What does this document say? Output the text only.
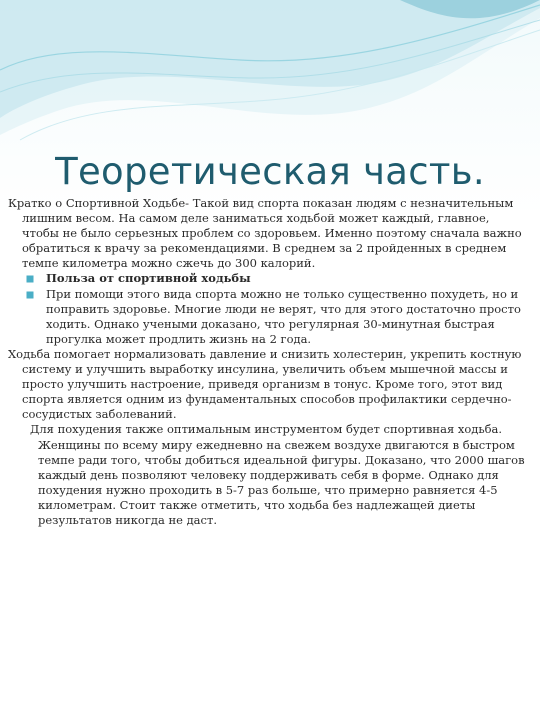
Теоретическая часть.

Кратко о Спортивной Ходьбе- Такой вид спорта показан людям с незначительным лишним весом. На самом деле заниматься ходьбой может каждый, главное, чтобы не было серьезных проблем со здоровьем. Именно поэтому сначала важно обратиться к врачу за рекомендациями. В среднем за 2 пройденных в среднем темпе километра можно сжечь до 300 калорий.

Польза от спортивной ходьбы

При помощи этого вида спорта можно не только существенно похудеть, но и поправить здоровье. Многие люди не верят, что для этого достаточно просто ходить. Однако учеными доказано, что регулярная 30-минутная быстрая прогулка может продлить жизнь на 2 года.

Ходьба помогает нормализовать давление и снизить холестерин, укрепить костную систему и улучшить выработку инсулина, увеличить объем мышечной массы и просто улучшить настроение, приведя организм в тонус. Кроме того, этот вид спорта является одним из фундаментальных способов профилактики сердечно-сосудистых заболеваний.

Для похудения также оптимальным инструментом будет спортивная ходьба. Женщины по всему миру ежедневно на свежем воздухе двигаются в быстром темпе ради того, чтобы добиться идеальной фигуры. Доказано, что 2000 шагов каждый день позволяют человеку поддерживать себя в форме. Однако для похудения нужно проходить в 5-7 раз больше, что примерно равняется 4-5 километрам. Стоит также отметить, что ходьба без надлежащей диеты результатов никогда не даст.
